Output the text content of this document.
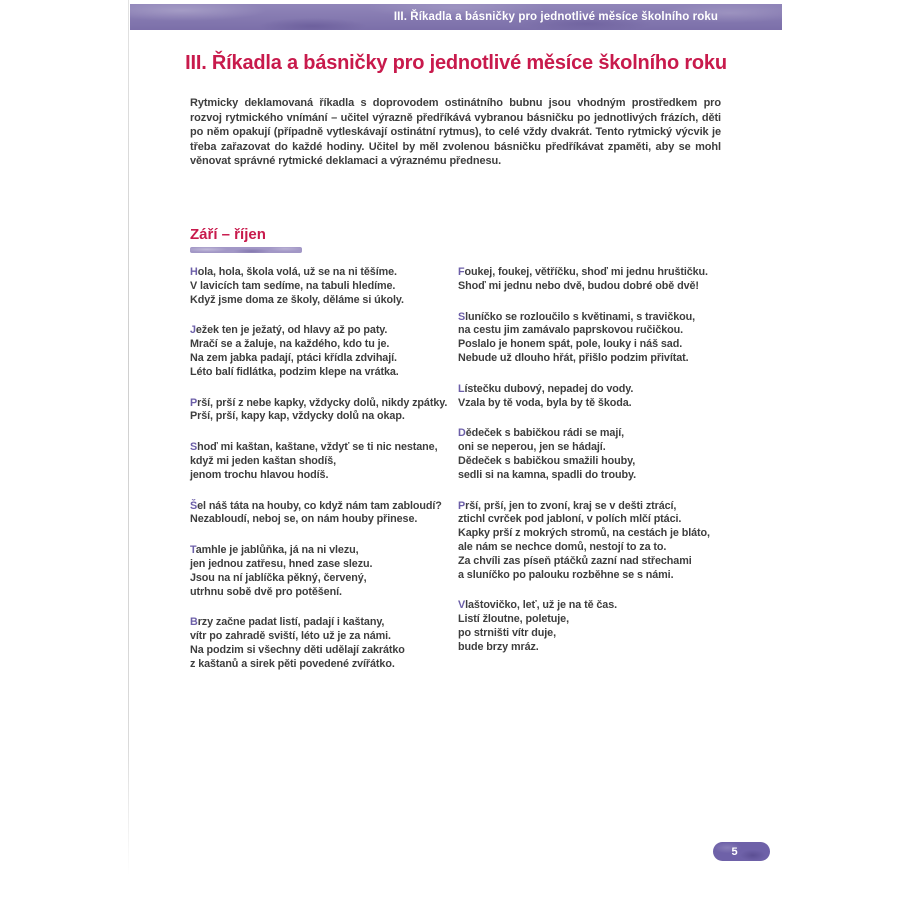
III. Říkadla a básničky pro jednotlivé měsíce školního roku
III. Říkadla a básničky pro jednotlivé měsíce školního roku
Rytmicky deklamovaná říkadla s doprovodem ostinátního bubnu jsou vhodným prostředkem pro rozvoj rytmického vnímání – učitel výrazně předříkává vybranou básničku po jednotlivých frázích, děti po něm opakují (případně vytleskávají ostinátní rytmus), to celé vždy dvakrát. Tento rytmický výcvik je třeba zařazovat do každé hodiny. Učitel by měl zvolenou básničku předříkávat zpaměti, aby se mohl věnovat správné rytmické deklamaci a výraznému přednesu.
Září – říjen
Hola, hola, škola volá, už se na ni těšíme.
V lavicích tam sedíme, na tabuli hledíme.
Když jsme doma ze školy, děláme si úkoly.
Ježek ten je ježatý, od hlavy až po paty.
Mračí se a žaluje, na každého, kdo tu je.
Na zem jabka padají, ptáci křídla zdvihají.
Léto balí fidlátka, podzim klepe na vrátka.
Prší, prší z nebe kapky, vždycky dolů, nikdy zpátky.
Prší, prší, kapy kap, vždycky dolů na okap.
Shoď mi kaštan, kaštane, vždyť se ti nic nestane,
když mi jeden kaštan shodíš,
jenom trochu hlavou hodíš.
Šel náš táta na houby, co když nám tam zabloudí?
Nezabloudí, neboj se, on nám houby přinese.
Tamhle je jablůňka, já na ni vlezu,
jen jednou zatřesu, hned zase slezu.
Jsou na ní jablíčka pěkný, červený,
utrhnu sobě dvě pro potěšení.
Brzy začne padat listí, padají i kaštany,
vítr po zahradě sviští, léto už je za námi.
Na podzim si všechny děti udělají zakrátko
z kaštanů a sirek pěti povedené zvířátko.
Foukej, foukej, větříčku, shoď mi jednu hruštičku.
Shoď mi jednu nebo dvě, budou dobré obě dvě!
Sluníčko se rozloučilo s květinami, s travičkou,
na cestu jim zamávalo paprskovou ručičkou.
Poslalo je honem spát, pole, louky i náš sad.
Nebude už dlouho hřát, přišlo podzim přivítat.
Lístečku dubový, nepadej do vody.
Vzala by tě voda, byla by tě škoda.
Dědeček s babičkou rádi se mají,
oni se neperou, jen se hádají.
Dědeček s babičkou smažili houby,
sedli si na kamna, spadli do trouby.
Prší, prší, jen to zvoní, kraj se v dešti ztrácí,
ztichl cvrček pod jabloní, v polích mlčí ptáci.
Kapky prší z mokrých stromů, na cestách je bláto,
ale nám se nechce domů, nestojí to za to.
Za chvíli zas píseň ptáčků zazní nad střechami
a sluníčko po palouku rozběhne se s námi.
Vlaštovičko, leť, už je na tě čas.
Listí žloutne, poletuje,
po strništi vítr duje,
bude brzy mráz.
5
